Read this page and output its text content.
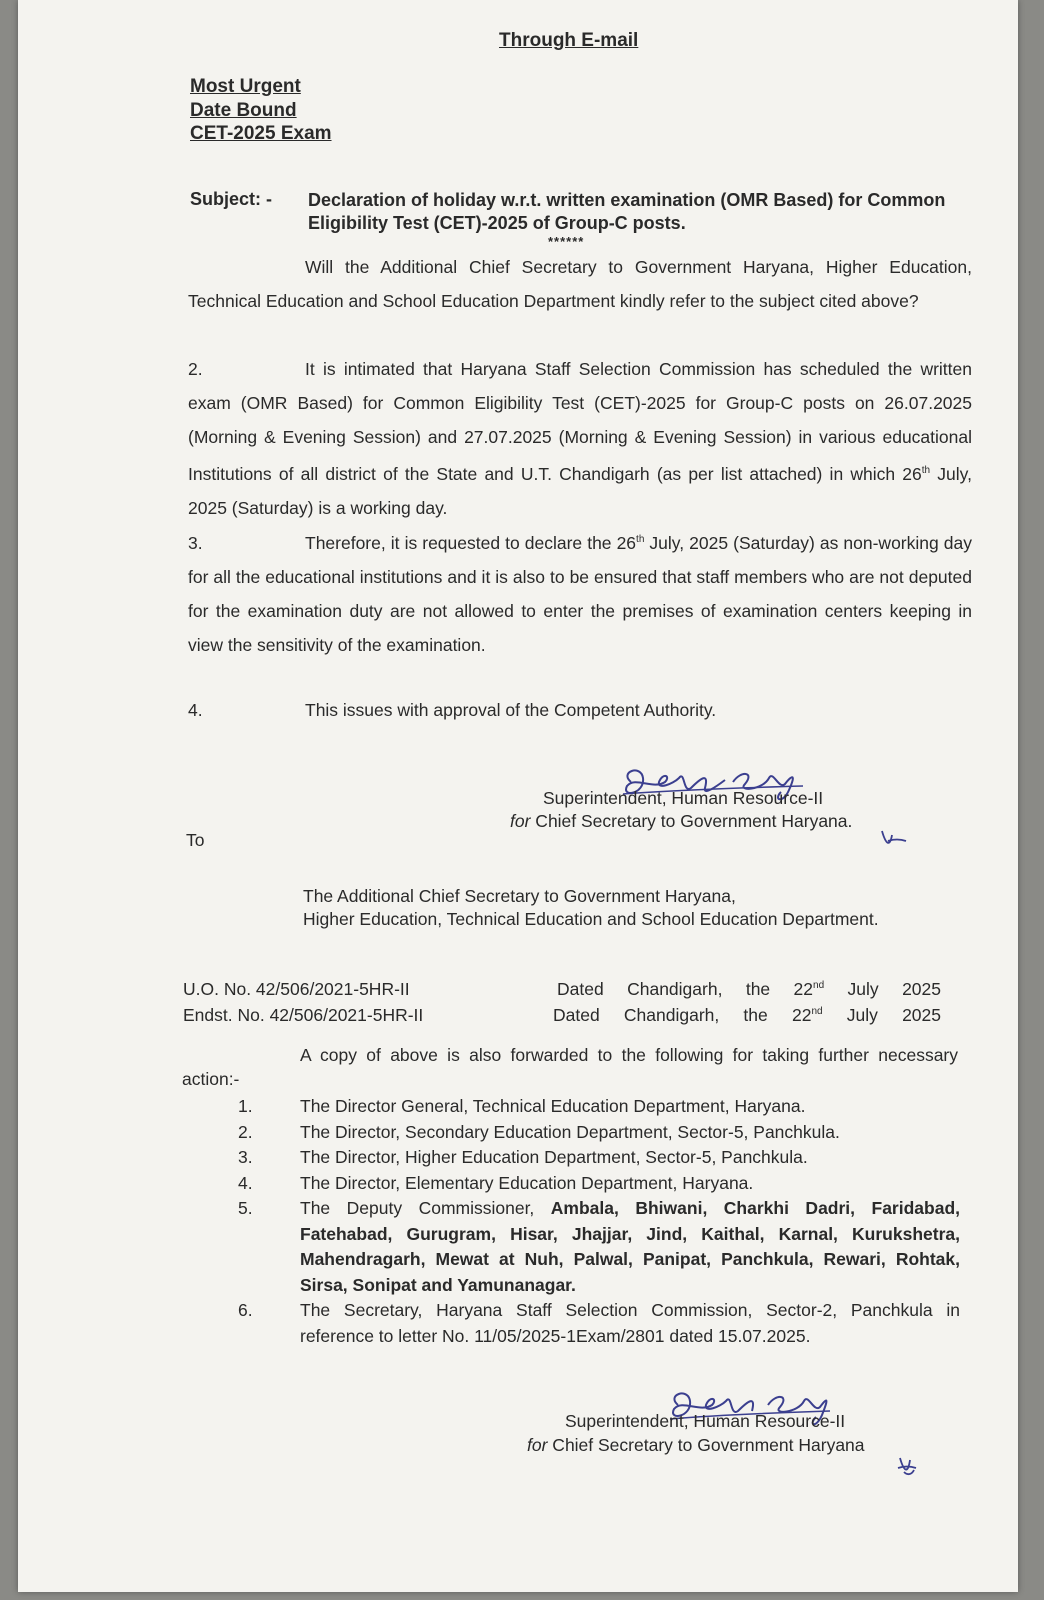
Through E-mail
Most Urgent
Date Bound
CET-2025 Exam
Subject: - Declaration of holiday w.r.t. written examination (OMR Based) for Common Eligibility Test (CET)-2025 of Group-C posts.
******
Will the Additional Chief Secretary to Government Haryana, Higher Education, Technical Education and School Education Department kindly refer to the subject cited above?
2.	It is intimated that Haryana Staff Selection Commission has scheduled the written exam (OMR Based) for Common Eligibility Test (CET)-2025 for Group-C posts on 26.07.2025 (Morning & Evening Session) and 27.07.2025 (Morning & Evening Session) in various educational Institutions of all district of the State and U.T. Chandigarh (as per list attached) in which 26th July, 2025 (Saturday) is a working day.
3.	Therefore, it is requested to declare the 26th July, 2025 (Saturday) as non-working day for all the educational institutions and it is also to be ensured that staff members who are not deputed for the examination duty are not allowed to enter the premises of examination centers keeping in view the sensitivity of the examination.
4.	This issues with approval of the Competent Authority.
Superintendent, Human Resource-II
for Chief Secretary to Government Haryana.
To
The Additional Chief Secretary to Government Haryana,
Higher Education, Technical Education and School Education Department.
U.O. No. 42/506/2021-5HR-II	Dated Chandigarh, the 22nd July 2025
Endst. No. 42/506/2021-5HR-II	Dated Chandigarh, the 22nd July 2025
A copy of above is also forwarded to the following for taking further necessary action:-
1.	The Director General, Technical Education Department, Haryana.
2.	The Director, Secondary Education Department, Sector-5, Panchkula.
3.	The Director, Higher Education Department, Sector-5, Panchkula.
4.	The Director, Elementary Education Department, Haryana.
5.	The Deputy Commissioner, Ambala, Bhiwani, Charkhi Dadri, Faridabad, Fatehabad, Gurugram, Hisar, Jhajjar, Jind, Kaithal, Karnal, Kurukshetra, Mahendragarh, Mewat at Nuh, Palwal, Panipat, Panchkula, Rewari, Rohtak, Sirsa, Sonipat and Yamunanagar.
6.	The Secretary, Haryana Staff Selection Commission, Sector-2, Panchkula in reference to letter No. 11/05/2025-1Exam/2801 dated 15.07.2025.
Superintendent, Human Resource-II
for Chief Secretary to Government Haryana
